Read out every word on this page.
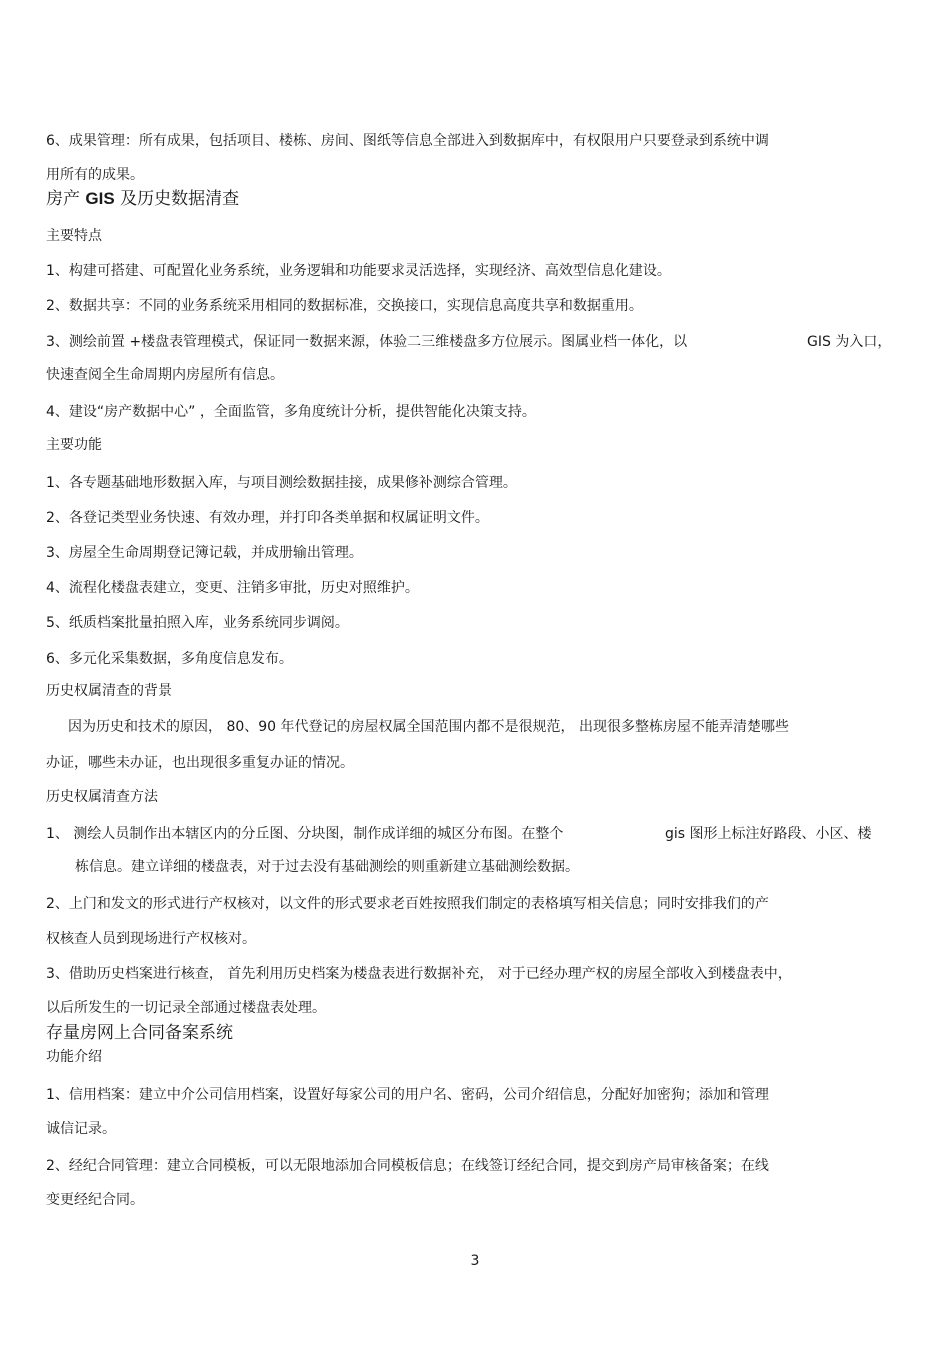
6、成果管理：所有成果，包括项目、楼栋、房间、图纸等信息全部进入到数据库中，有权限用户只要登录到系统中调

用所有的成果。

房产 GIS 及历史数据清查

主要特点

1、构建可搭建、可配置化业务系统，业务逻辑和功能要求灵活选择，实现经济、高效型信息化建设。

2、数据共享：不同的业务系统采用相同的数据标准，交换接口，实现信息高度共享和数据重用。

3、测绘前置 +楼盘表管理模式，保证同一数据来源，体验二三维楼盘多方位展示。图属业档一体化，以	GIS 为入口，

快速查阅全生命周期内房屋所有信息。

4、建设“房产数据中心” ，全面监管，多角度统计分析，提供智能化决策支持。

主要功能

1、各专题基础地形数据入库，与项目测绘数据挂接，成果修补测综合管理。

2、各登记类型业务快速、有效办理，并打印各类单据和权属证明文件。

3、房屋全生命周期登记簿记载，并成册输出管理。

4、流程化楼盘表建立，变更、注销多审批，历史对照维护。

5、纸质档案批量拍照入库，业务系统同步调阅。

6、多元化采集数据，多角度信息发布。

历史权属清查的背景

因为历史和技术的原因， 80、90 年代登记的房屋权属全国范围内都不是很规范， 出现很多整栋房屋不能弄清楚哪些

办证，哪些未办证，也出现很多重复办证的情况。

历史权属清查方法

1、 测绘人员制作出本辖区内的分丘图、分块图，制作成详细的城区分布图。在整个	gis 图形上标注好路段、小区、楼

栋信息。建立详细的楼盘表，对于过去没有基础测绘的则重新建立基础测绘数据。

2、上门和发文的形式进行产权核对，以文件的形式要求老百姓按照我们制定的表格填写相关信息；同时安排我们的产

权核查人员到现场进行产权核对。

3、借助历史档案进行核查， 首先利用历史档案为楼盘表进行数据补充， 对于已经办理产权的房屋全部收入到楼盘表中，

以后所发生的一切记录全部通过楼盘表处理。

存量房网上合同备案系统

功能介绍

1、信用档案：建立中介公司信用档案，设置好每家公司的用户名、密码，公司介绍信息，分配好加密狗；添加和管理

诚信记录。

2、经纪合同管理：建立合同模板，可以无限地添加合同模板信息；在线签订经纪合同，提交到房产局审核备案；在线

变更经纪合同。

3
